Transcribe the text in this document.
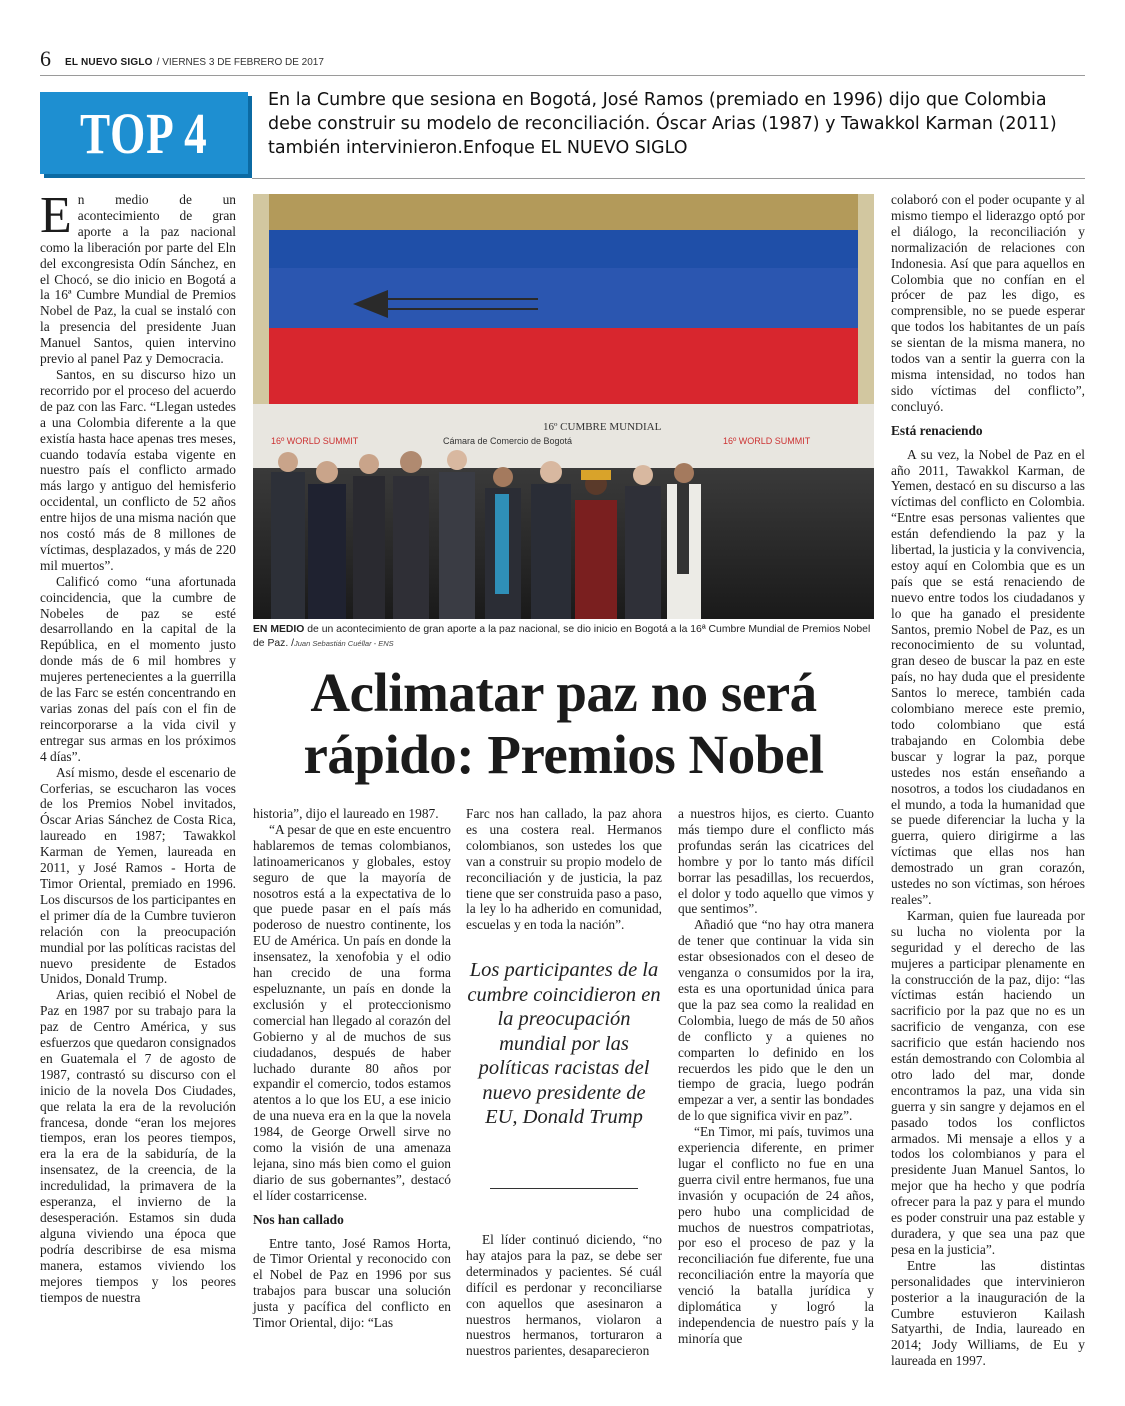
6 EL NUEVO SIGLO / VIERNES 3 DE FEBRERO DE 2017
TOP 4
En la Cumbre que sesiona en Bogotá, José Ramos (premiado en 1996) dijo que Colombia debe construir su modelo de reconciliación. Óscar Arias (1987) y Tawakkol Karman (2011) también intervinieron.Enfoque EL NUEVO SIGLO

En medio de un acontecimiento de gran aporte a la paz nacional como la liberación por parte del Eln del excongresista Odín Sánchez, en el Chocó, se dio inicio en Bogotá a la 16ª Cumbre Mundial de Premios Nobel de Paz, la cual se instaló con la presencia del presidente Juan Manuel Santos, quien intervino previo al panel Paz y Democracia.

Santos, en su discurso hizo un recorrido por el proceso del acuerdo de paz con las Farc. “Llegan ustedes a una Colombia diferente a la que existía hasta hace apenas tres meses, cuando todavía estaba vigente en nuestro país el conflicto armado más largo y antiguo del hemisferio occidental, un conflicto de 52 años entre hijos de una misma nación que nos costó más de 8 millones de víctimas, desplazados, y más de 220 mil muertos”.

Calificó como “una afortunada coincidencia, que la cumbre de Nobeles de paz se esté desarrollando en la capital de la República, en el momento justo donde más de 6 mil hombres y mujeres pertenecientes a la guerrilla de las Farc se estén concentrando en varias zonas del país con el fin de reincorporarse a la vida civil y entregar sus armas en los próximos 4 días”.

Así mismo, desde el escenario de Corferias, se escucharon las voces de los Premios Nobel invitados, Óscar Arias Sánchez de Costa Rica, laureado en 1987; Tawakkol Karman de Yemen, laureada en 2011, y José Ramos - Horta de Timor Oriental, premiado en 1996. Los discursos de los participantes en el primer día de la Cumbre tuvieron relación con la preocupación mundial por las políticas racistas del nuevo presidente de Estados Unidos, Donald Trump.

Arias, quien recibió el Nobel de Paz en 1987 por su trabajo para la paz de Centro América, y sus esfuerzos que quedaron consignados en Guatemala el 7 de agosto de 1987, contrastó su discurso con el inicio de la novela Dos Ciudades, que relata la era de la revolución francesa, donde “eran los mejores tiempos, eran los peores tiempos, era la era de la sabiduría, de la insensatez, de la creencia, de la incredulidad, la primavera de la esperanza, el invierno de la desesperación. Estamos sin duda alguna viviendo una época que podría describirse de esa misma manera, estamos viviendo los mejores tiempos y los peores tiempos de nuestra

16º WORLD SUMMIT	Cámara de Comercio de Bogotá
16º CUMBRE MUNDIAL
16º WORLD SUMMIT
EN MEDIO de un acontecimiento de gran aporte a la paz nacional, se dio inicio en Bogotá a la 16ª Cumbre Mundial de Premios Nobel de Paz. /Juan Sebastián Cuéllar - ENS
Aclimatar paz no será rápido: Premios Nobel

historia”, dijo el laureado en 1987.

“A pesar de que en este encuentro hablaremos de temas colombianos, latinoamericanos y globales, estoy seguro de que la mayoría de nosotros está a la expectativa de lo que puede pasar en el país más poderoso de nuestro continente, los EU de América. Un país en donde la insensatez, la xenofobia y el odio han crecido de una forma espeluznante, un país en donde la exclusión y el proteccionismo comercial han llegado al corazón del Gobierno y al de muchos de sus ciudadanos, después de haber luchado durante 80 años por expandir el comercio, todos estamos atentos a lo que los EU, a ese inicio de una nueva era en la que la novela 1984, de George Orwell sirve no como la visión de una amenaza lejana, sino más bien como el guion diario de sus gobernantes”, destacó el líder costarricense.

Nos han callado

Entre tanto, José Ramos Horta, de Timor Oriental y reconocido con el Nobel de Paz en 1996 por sus trabajos para buscar una solución justa y pacífica del conflicto en Timor Oriental, dijo: “Las

Farc nos han callado, la paz ahora es una costera real. Hermanos colombianos, son ustedes los que van a construir su propio modelo de reconciliación y de justicia, la paz tiene que ser construida paso a paso, la ley lo ha adherido en comunidad, escuelas y en toda la nación”.

Los participantes de la cumbre coincidieron en la preocupación mundial por las políticas racistas del nuevo presidente de EU, Donald Trump

El líder continuó diciendo, “no hay atajos para la paz, se debe ser determinados y pacientes. Sé cuál difícil es perdonar y reconciliarse con aquellos que asesinaron a nuestros hermanos, violaron a nuestros hermanos, torturaron a nuestros parientes, desaparecieron

a nuestros hijos, es cierto. Cuanto más tiempo dure el conflicto más profundas serán las cicatrices del hombre y por lo tanto más difícil borrar las pesadillas, los recuerdos, el dolor y todo aquello que vimos y que sentimos”.

Añadió que “no hay otra manera de tener que continuar la vida sin estar obsesionados con el deseo de venganza o consumidos por la ira, esta es una oportunidad única para que la paz sea como la realidad en Colombia, luego de más de 50 años de conflicto y a quienes no comparten lo definido en los recuerdos les pido que le den un tiempo de gracia, luego podrán empezar a ver, a sentir las bondades de lo que significa vivir en paz”.

“En Timor, mi país, tuvimos una experiencia diferente, en primer lugar el conflicto no fue en una guerra civil entre hermanos, fue una invasión y ocupación de 24 años, pero hubo una complicidad de muchos de nuestros compatriotas, por eso el proceso de paz y la reconciliación fue diferente, fue una reconciliación entre la mayoría que venció la batalla jurídica y diplomática y logró la independencia de nuestro país y la minoría que

colaboró con el poder ocupante y al mismo tiempo el liderazgo optó por el diálogo, la reconciliación y normalización de relaciones con Indonesia. Así que para aquellos en Colombia que no confían en el prócer de paz les digo, es comprensible, no se puede esperar que todos los habitantes de un país se sientan de la misma manera, no todos van a sentir la guerra con la misma intensidad, no todos han sido víctimas del conflicto”, concluyó.

Está renaciendo

A su vez, la Nobel de Paz en el año 2011, Tawakkol Karman, de Yemen, destacó en su discurso a las víctimas del conflicto en Colombia. “Entre esas personas valientes que están defendiendo la paz y la libertad, la justicia y la convivencia, estoy aquí en Colombia que es un país que se está renaciendo de nuevo entre todos los ciudadanos y lo que ha ganado el presidente Santos, premio Nobel de Paz, es un reconocimiento de su voluntad, gran deseo de buscar la paz en este país, no hay duda que el presidente Santos lo merece, también cada colombiano merece este premio, todo colombiano que está trabajando en Colombia debe buscar y lograr la paz, porque ustedes nos están enseñando a nosotros, a todos los ciudadanos en el mundo, a toda la humanidad que se puede diferenciar la lucha y la guerra, quiero dirigirme a las víctimas que ellas nos han demostrado un gran corazón, ustedes no son víctimas, son héroes reales”.

Karman, quien fue laureada por su lucha no violenta por la seguridad y el derecho de las mujeres a participar plenamente en la construcción de la paz, dijo: “las víctimas están haciendo un sacrificio por la paz que no es un sacrificio de venganza, con ese sacrificio que están haciendo nos están demostrando con Colombia al otro lado del mar, donde encontramos la paz, una vida sin guerra y sin sangre y dejamos en el pasado todos los conflictos armados. Mi mensaje a ellos y a todos los colombianos y para el presidente Juan Manuel Santos, lo mejor que ha hecho y que podría ofrecer para la paz y para el mundo es poder construir una paz estable y duradera, y que sea una paz que pesa en la justicia”.

Entre las distintas personalidades que intervinieron posterior a la inauguración de la Cumbre estuvieron Kailash Satyarthi, de India, laureado en 2014; Jody Williams, de Eu y laureada en 1997.
